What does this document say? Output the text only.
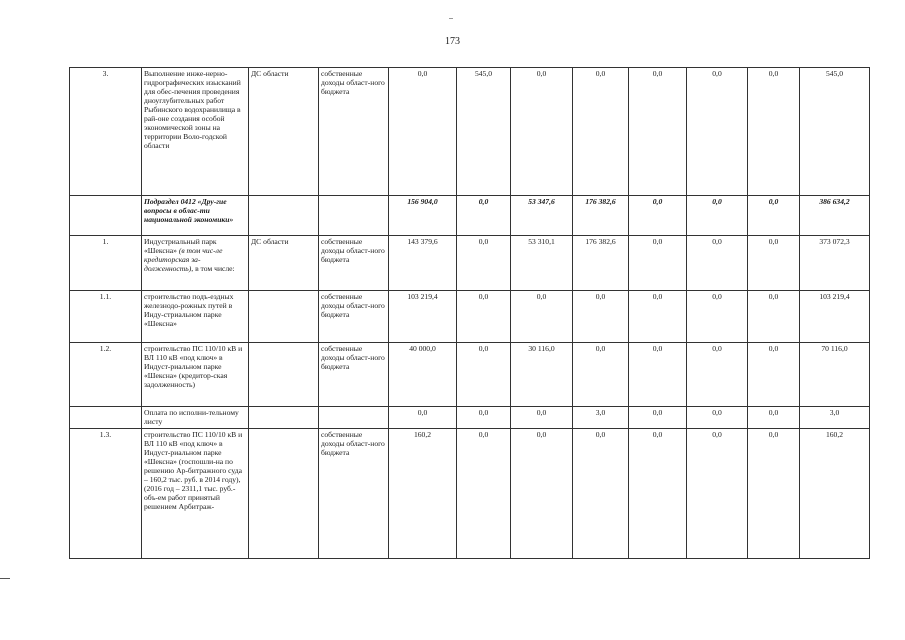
173
3.	Выполнение инже-нерно-гидрографических изысканий для обес-печения проведения дноуглубительных работ Рыбинского водохранилища в рай-оне создания особой экономической зоны на территории Воло-годской области	ДС области	собственные доходы област-ного бюджета	0,0	545,0	0,0	0,0	0,0	0,0	0,0	545,0
	Подраздел 0412 «Дру-гие вопросы в облас-ти национальной экономики»			156 904,0	0,0	53 347,6	176 382,6	0,0	0,0	0,0	386 634,2
1.	Индустриальный парк «Шексна» (в том чис-ле кредиторская за-долженность), в том числе:	ДС области	собственные доходы област-ного бюджета	143 379,6	0,0	53 310,1	176 382,6	0,0	0,0	0,0	373 072,3
1.1.	строительство подъ-ездных железнодо-рожных путей в Инду-стриальном парке «Шексна»		собственные доходы област-ного бюджета	103 219,4	0,0	0,0	0,0	0,0	0,0	0,0	103 219,4
1.2.	строительство ПС 110/10 кВ и ВЛ 110 кВ «под ключ» в Индуст-риальном парке «Шексна» (кредитор-ская задолженность)		собственные доходы област-ного бюджета	40 000,0	0,0	30 116,0	0,0	0,0	0,0	0,0	70 116,0
	Оплата по исполни-тельному листу			0,0	0,0	0,0	3,0	0,0	0,0	0,0	3,0
1.3.	строительство ПС 110/10 кВ и ВЛ 110 кВ «под ключ» в Индуст-риальном парке «Шексна» (госпошли-на по решению Ар-битражного суда – 160,2 тыс. руб. в 2014 году), (2016 год – 2311,1 тыс. руб.- объ-ем работ принятый решением Арбитраж-		собственные доходы област-ного бюджета	160,2	0,0	0,0	0,0	0,0	0,0	0,0	160,2
